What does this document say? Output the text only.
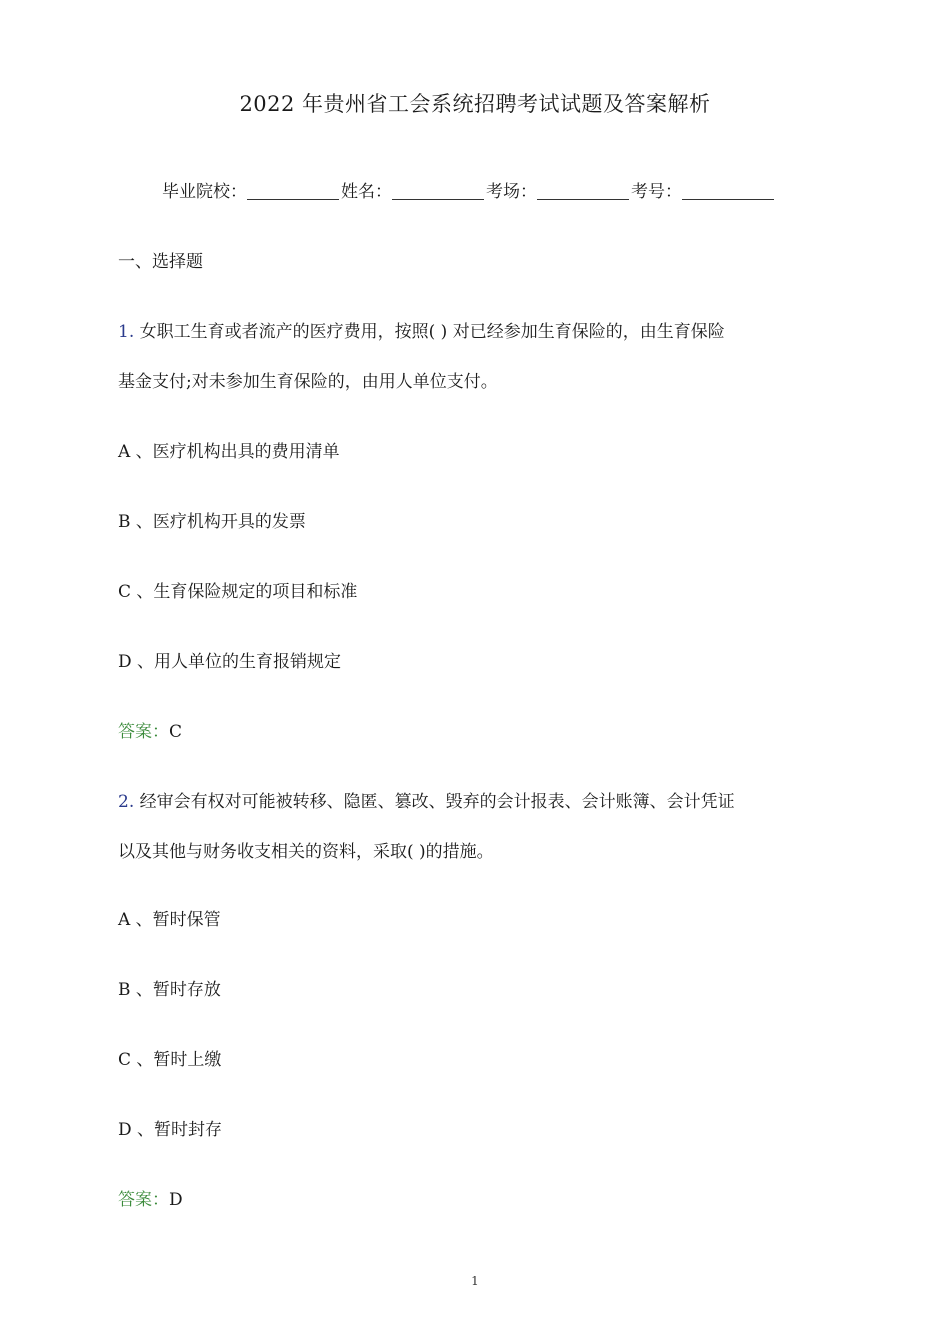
2022 年贵州省工会系统招聘考试试题及答案解析
毕业院校：	姓名：	考场：	考号：
一、选择题
1. 女职工生育或者流产的医疗费用，按照( ) 对已经参加生育保险的，由生育保险
基金支付;对未参加生育保险的，由用人单位支付。
A 、医疗机构出具的费用清单
B 、医疗机构开具的发票
C 、生育保险规定的项目和标准
D 、用人单位的生育报销规定
答案：C
2. 经审会有权对可能被转移、隐匿、篡改、毁弃的会计报表、会计账簿、会计凭证
以及其他与财务收支相关的资料，采取( )的措施。
A 、暂时保管
B 、暂时存放
C 、暂时上缴
D 、暂时封存
答案：D
1
